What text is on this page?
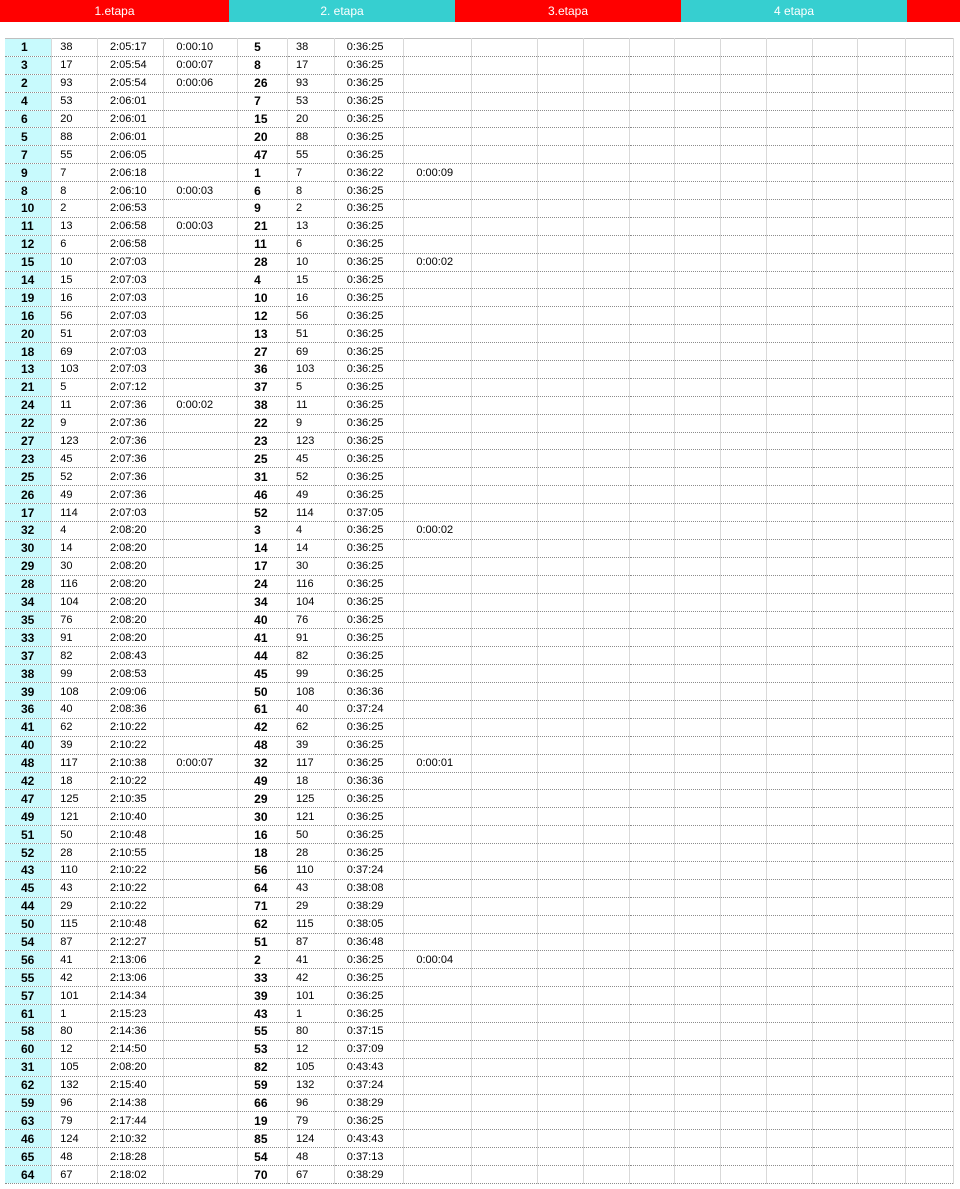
1.etapa	2. etapa	3.etapa	4 etapa
1	38	2:05:17	0:00:10	5	38	0:36:25											
3	17	2:05:54	0:00:07	8	17	0:36:25											
2	93	2:05:54	0:00:06	26	93	0:36:25											
4	53	2:06:01		7	53	0:36:25											
6	20	2:06:01		15	20	0:36:25											
5	88	2:06:01		20	88	0:36:25											
7	55	2:06:05		47	55	0:36:25											
9	7	2:06:18		1	7	0:36:22	0:00:09										
8	8	2:06:10	0:00:03	6	8	0:36:25											
10	2	2:06:53		9	2	0:36:25											
11	13	2:06:58	0:00:03	21	13	0:36:25											
12	6	2:06:58		11	6	0:36:25											
15	10	2:07:03		28	10	0:36:25	0:00:02										
14	15	2:07:03		4	15	0:36:25											
19	16	2:07:03		10	16	0:36:25											
16	56	2:07:03		12	56	0:36:25											
20	51	2:07:03		13	51	0:36:25											
18	69	2:07:03		27	69	0:36:25											
13	103	2:07:03		36	103	0:36:25											
21	5	2:07:12		37	5	0:36:25											
24	11	2:07:36	0:00:02	38	11	0:36:25											
22	9	2:07:36		22	9	0:36:25											
27	123	2:07:36		23	123	0:36:25											
23	45	2:07:36		25	45	0:36:25											
25	52	2:07:36		31	52	0:36:25											
26	49	2:07:36		46	49	0:36:25											
17	114	2:07:03		52	114	0:37:05											
32	4	2:08:20		3	4	0:36:25	0:00:02										
30	14	2:08:20		14	14	0:36:25											
29	30	2:08:20		17	30	0:36:25											
28	116	2:08:20		24	116	0:36:25											
34	104	2:08:20		34	104	0:36:25											
35	76	2:08:20		40	76	0:36:25											
33	91	2:08:20		41	91	0:36:25											
37	82	2:08:43		44	82	0:36:25											
38	99	2:08:53		45	99	0:36:25											
39	108	2:09:06		50	108	0:36:36											
36	40	2:08:36		61	40	0:37:24											
41	62	2:10:22		42	62	0:36:25											
40	39	2:10:22		48	39	0:36:25											
48	117	2:10:38	0:00:07	32	117	0:36:25	0:00:01										
42	18	2:10:22		49	18	0:36:36											
47	125	2:10:35		29	125	0:36:25											
49	121	2:10:40		30	121	0:36:25											
51	50	2:10:48		16	50	0:36:25											
52	28	2:10:55		18	28	0:36:25											
43	110	2:10:22		56	110	0:37:24											
45	43	2:10:22		64	43	0:38:08											
44	29	2:10:22		71	29	0:38:29											
50	115	2:10:48		62	115	0:38:05											
54	87	2:12:27		51	87	0:36:48											
56	41	2:13:06		2	41	0:36:25	0:00:04										
55	42	2:13:06		33	42	0:36:25											
57	101	2:14:34		39	101	0:36:25											
61	1	2:15:23		43	1	0:36:25											
58	80	2:14:36		55	80	0:37:15											
60	12	2:14:50		53	12	0:37:09											
31	105	2:08:20		82	105	0:43:43											
62	132	2:15:40		59	132	0:37:24											
59	96	2:14:38		66	96	0:38:29											
63	79	2:17:44		19	79	0:36:25											
46	124	2:10:32		85	124	0:43:43											
65	48	2:18:28		54	48	0:37:13											
64	67	2:18:02		70	67	0:38:29											
